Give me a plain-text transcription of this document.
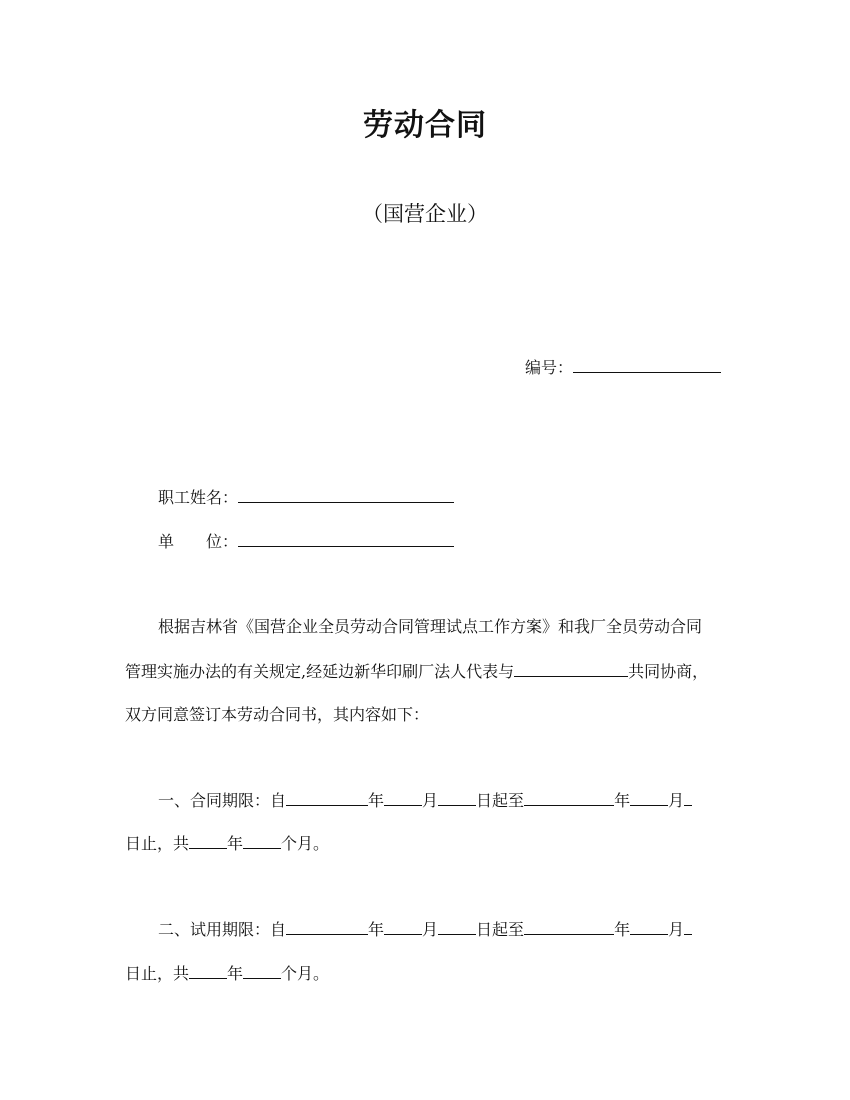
劳动合同
（国营企业）
编号：
职工姓名：
单 位：
根据吉林省《国营企业全员劳动合同管理试点工作方案》和我厂全员劳动合同
管理实施办法的有关规定,经延边新华印刷厂法人代表与	共同协商，
双方同意签订本劳动合同书，其内容如下：
一、合同期限：自	年 月 日起至	年 月
日止，共 年 个月。
二、试用期限：自	年 月 日起至	年 月
日止，共 年 个月。
